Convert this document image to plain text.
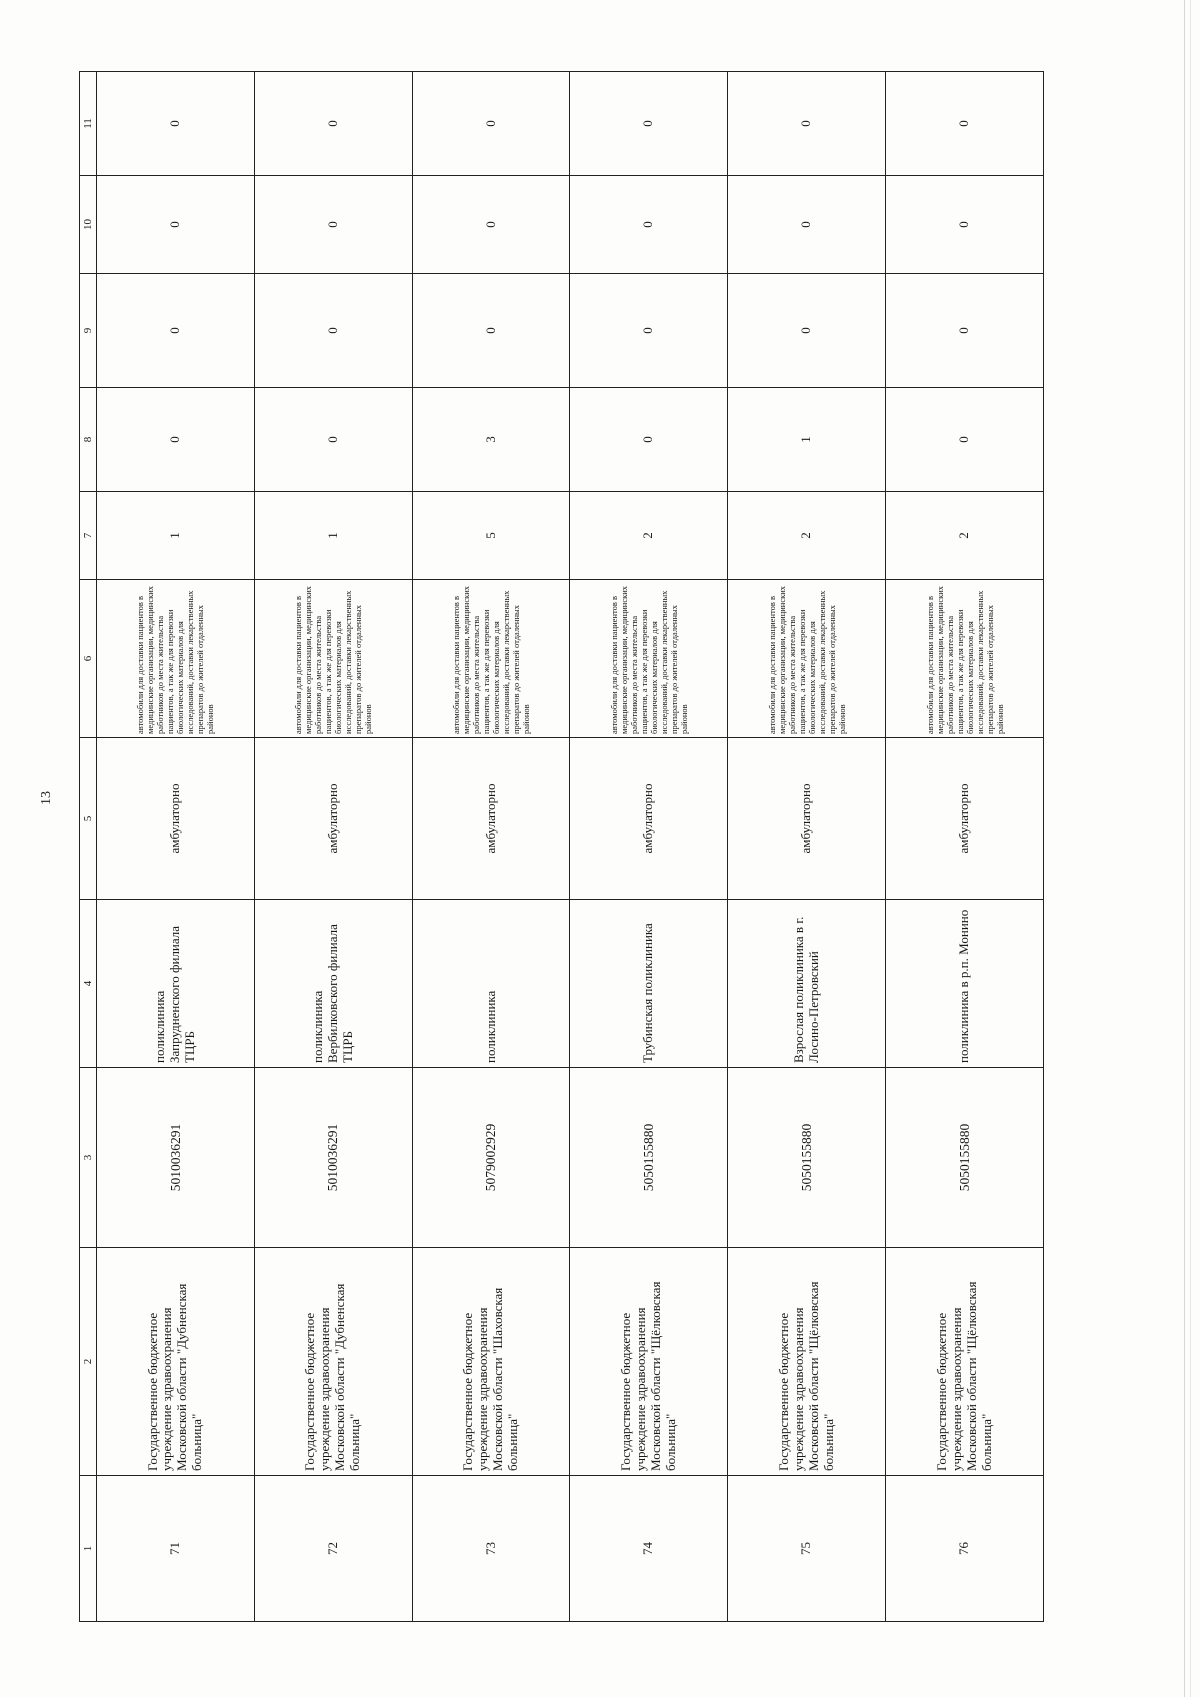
13
1	2	3	4	5	6	7	8	9	10	11
71	Государственное бюджетное учреждение здравоохранения Московской области "Дубненская больница"	5010036291	поликлиника Запрудненского филиала ТЦРБ	амбулаторно	автомобили для доставки пациентов в медицинские организации, медицинских работников до места жительства пациентов, а так же для перевозки биологических материалов для исследований, доставки лекарственных препаратов до жителей отдаленных районов	1	0	0	0	0
72	Государственное бюджетное учреждение здравоохранения Московской области "Дубненская больница"	5010036291	поликлиника Вербилковского филиала ТЦРБ	амбулаторно	автомобили для доставки пациентов в медицинские организации, медицинских работников до места жительства пациентов, а так же для перевозки биологических материалов для исследований, доставки лекарственных препаратов до жителей отдаленных районов	1	0	0	0	0
73	Государственное бюджетное учреждение здравоохранения Московской области "Шаховская больница"	5079002929	поликлиника	амбулаторно	автомобили для доставки пациентов в медицинские организации, медицинских работников до места жительства пациентов, а так же для перевозки биологических материалов для исследований, доставки лекарственных препаратов до жителей отдаленных районов	5	3	0	0	0
74	Государственное бюджетное учреждение здравоохранения Московской области "Щёлковская больница"	5050155880	Трубинская поликлиника	амбулаторно	автомобили для доставки пациентов в медицинские организации, медицинских работников до места жительства пациентов, а так же для перевозки биологических материалов для исследований, доставки лекарственных препаратов до жителей отдаленных районов	2	0	0	0	0
75	Государственное бюджетное учреждение здравоохранения Московской области "Щёлковская больница"	5050155880	Взрослая поликлиника в г. Лосино-Петровский	амбулаторно	автомобили для доставки пациентов в медицинские организации, медицинских работников до места жительства пациентов, а так же для перевозки биологических материалов для исследований, доставки лекарственных препаратов до жителей отдаленных районов	2	1	0	0	0
76	Государственное бюджетное учреждение здравоохранения Московской области "Щёлковская больница"	5050155880	поликлиника в р.п. Монино	амбулаторно	автомобили для доставки пациентов в медицинские организации, медицинских работников до места жительства пациентов, а так же для перевозки биологических материалов для исследований, доставки лекарственных препаратов до жителей отдаленных районов	2	0	0	0	0
